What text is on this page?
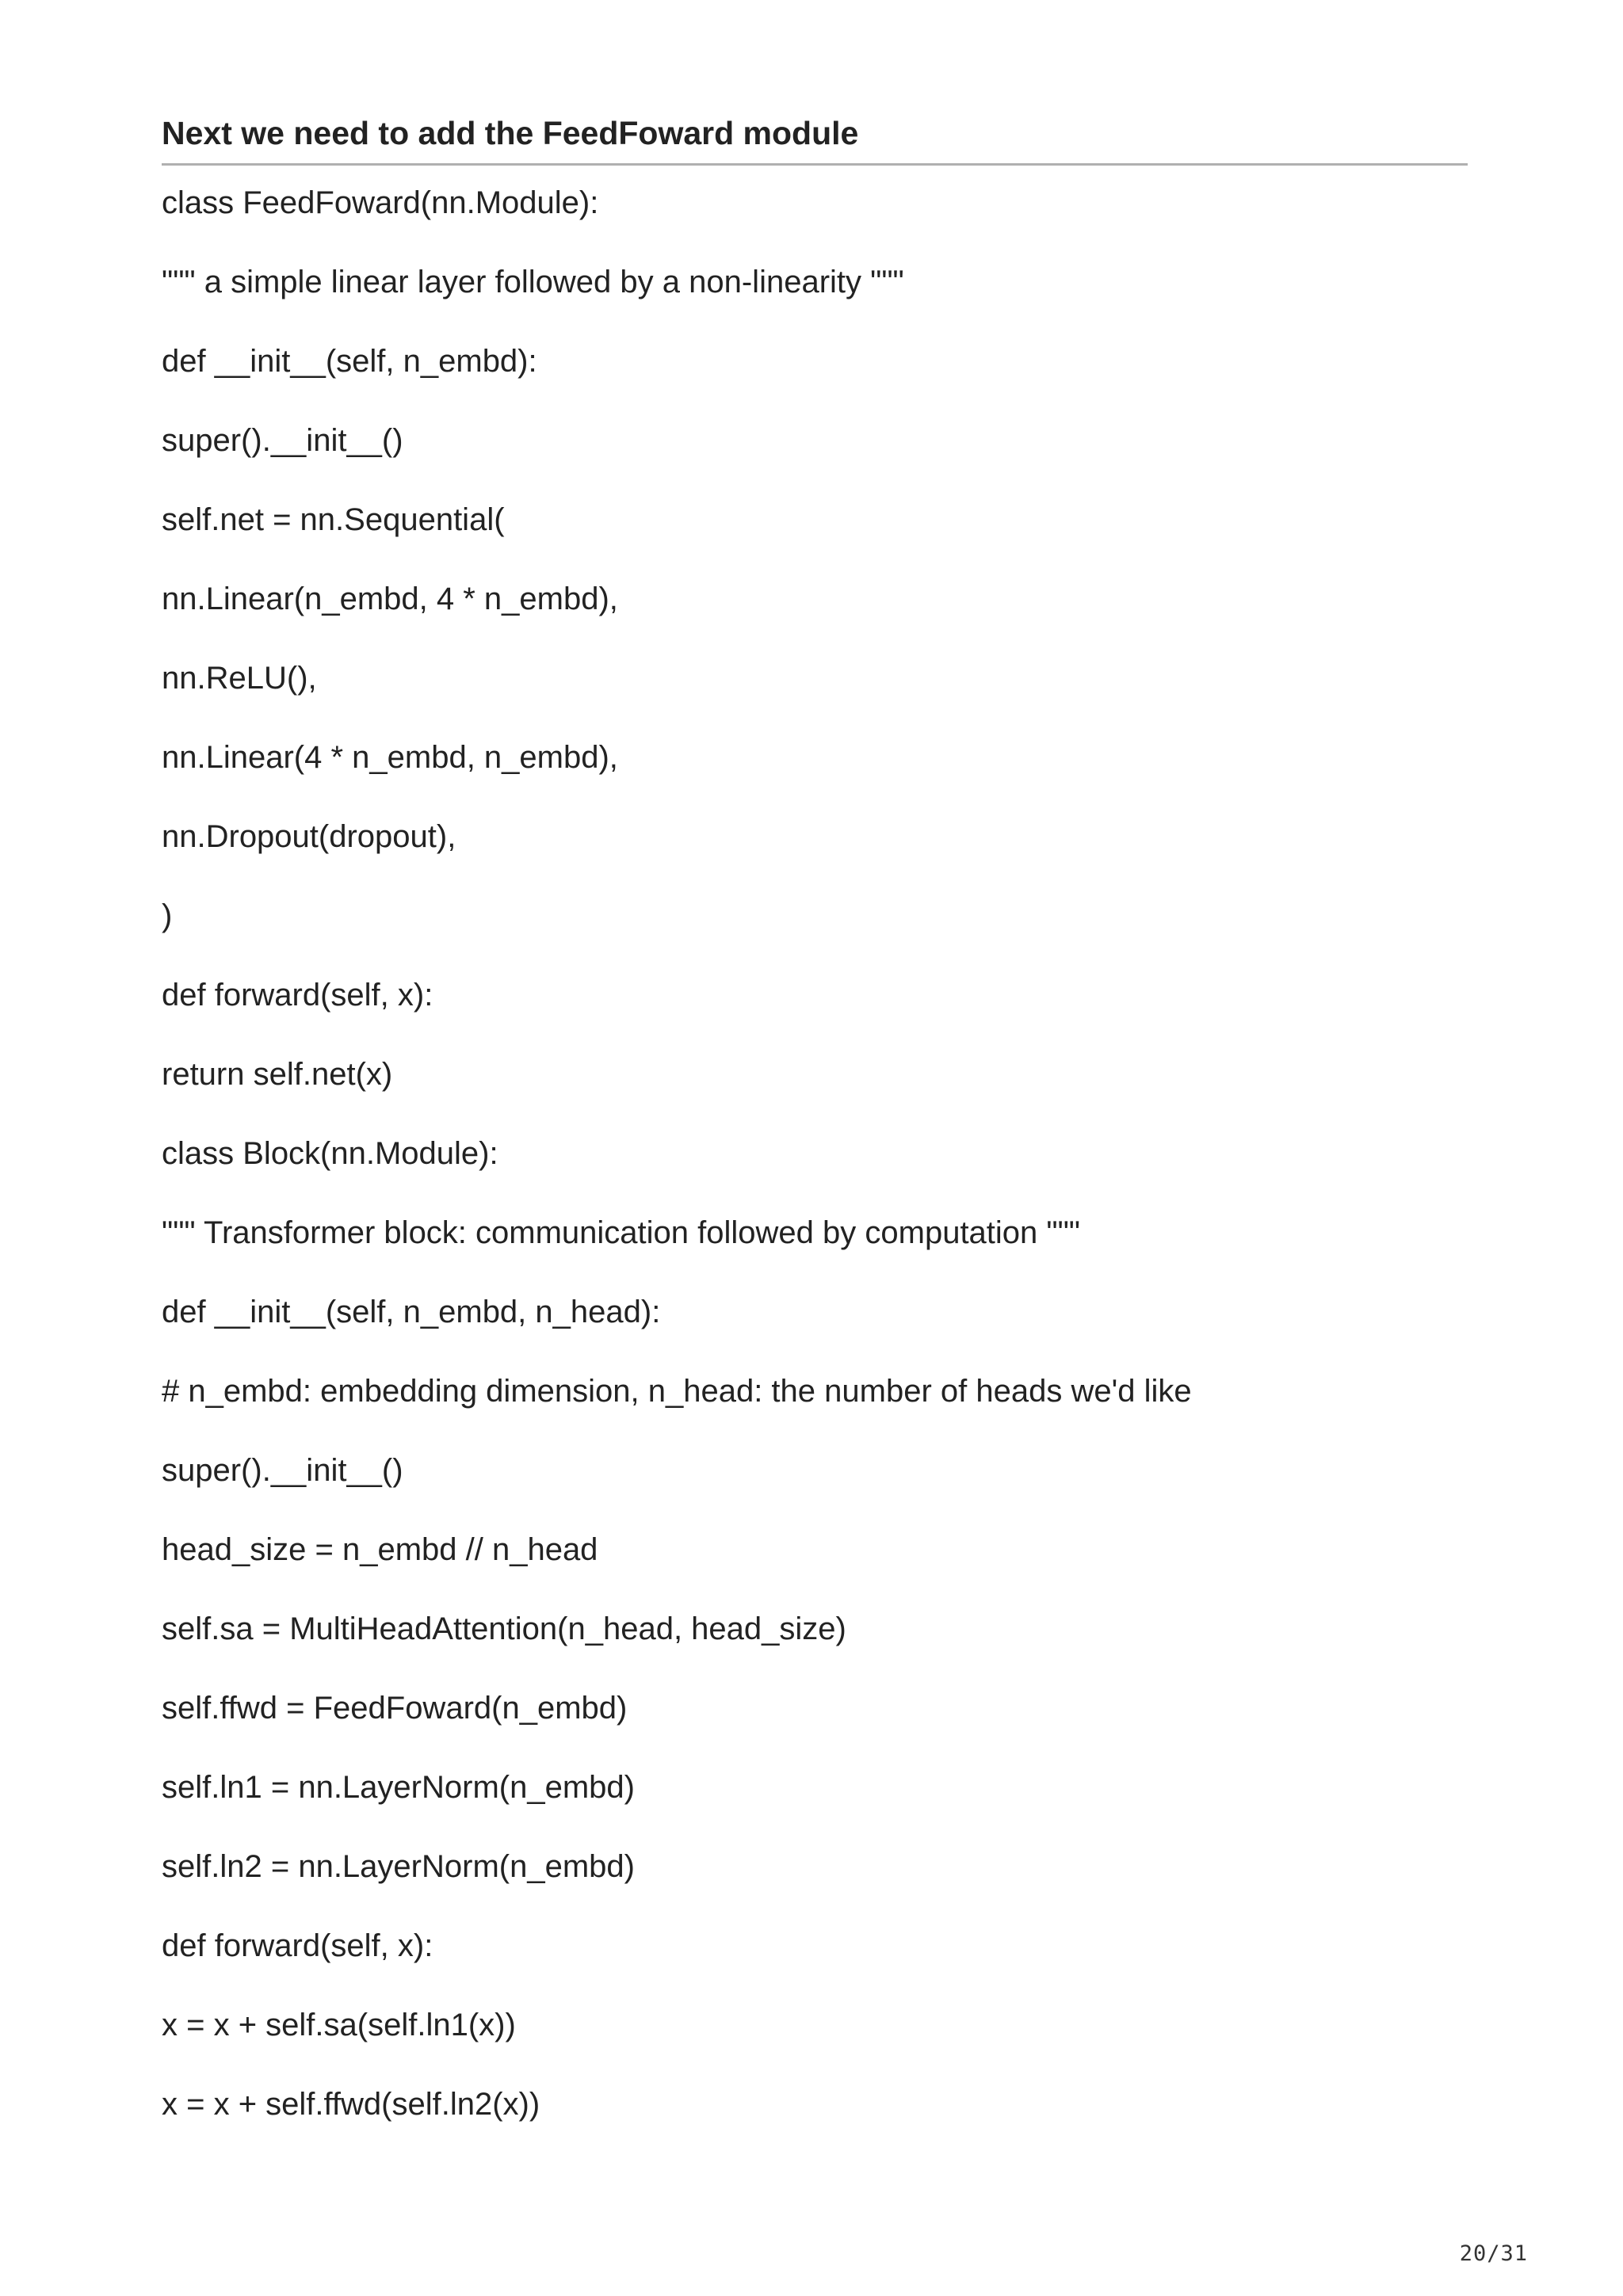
Next we need to add the FeedFoward module
class FeedFoward(nn.Module):
""" a simple linear layer followed by a non-linearity """
def __init__(self, n_embd):
super().__init__()
self.net = nn.Sequential(
nn.Linear(n_embd, 4 * n_embd),
nn.ReLU(),
nn.Linear(4 * n_embd, n_embd),
nn.Dropout(dropout),
)
def forward(self, x):
return self.net(x)
class Block(nn.Module):
""" Transformer block: communication followed by computation """
def __init__(self, n_embd, n_head):
# n_embd: embedding dimension, n_head: the number of heads we'd like
super().__init__()
head_size = n_embd // n_head
self.sa = MultiHeadAttention(n_head, head_size)
self.ffwd = FeedFoward(n_embd)
self.ln1 = nn.LayerNorm(n_embd)
self.ln2 = nn.LayerNorm(n_embd)
def forward(self, x):
x = x + self.sa(self.ln1(x))
x = x + self.ffwd(self.ln2(x))
20/31
